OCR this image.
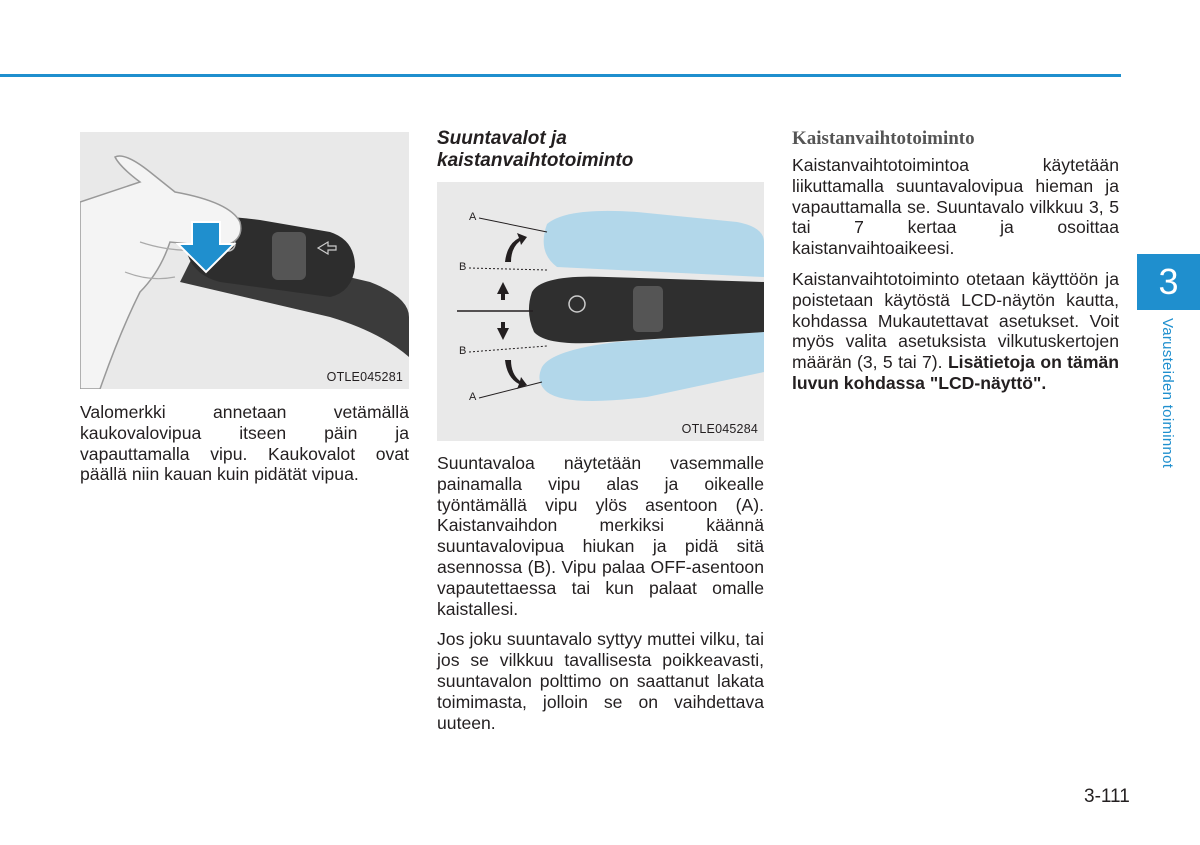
OTLE045281

Valomerkki annetaan vetämällä kaukovalovipua itseen päin ja vapauttamalla vipu. Kaukovalot ovat päällä niin kauan kuin pidätät vipua.

Suuntavalot ja kaistanvaihtotoiminto
A
B
B
A
OTLE045284

Suuntavaloa näytetään vasemmalle painamalla vipu alas ja oikealle työntämällä vipu ylös asentoon (A). Kaistanvaihdon merkiksi käännä suuntavalovipua hiukan ja pidä sitä asennossa (B). Vipu palaa OFF-asentoon vapautettaessa tai kun palaat omalle kaistallesi.

Jos joku suuntavalo syttyy muttei vilku, tai jos se vilkkuu tavallisesta poikkeavasti, suuntavalon polttimo on saattanut lakata toimimasta, jolloin se on vaihdettava uuteen.

Kaistanvaihtotoiminto

Kaistanvaihtotoimintoa käytetään liikuttamalla suuntavalovipua hieman ja vapauttamalla se. Suuntavalo vilkkuu 3, 5 tai 7 kertaa ja osoittaa kaistanvaihtoaikeesi.

Kaistanvaihtotoiminto otetaan käyttöön ja poistetaan käytöstä LCD-näytön kautta, kohdassa Mukautettavat asetukset. Voit myös valita asetuksista vilkutuskertojen määrän (3, 5 tai 7). Lisätietoja on tämän luvun kohdassa "LCD-näyttö".

3
Varusteiden toiminnot
3-111
